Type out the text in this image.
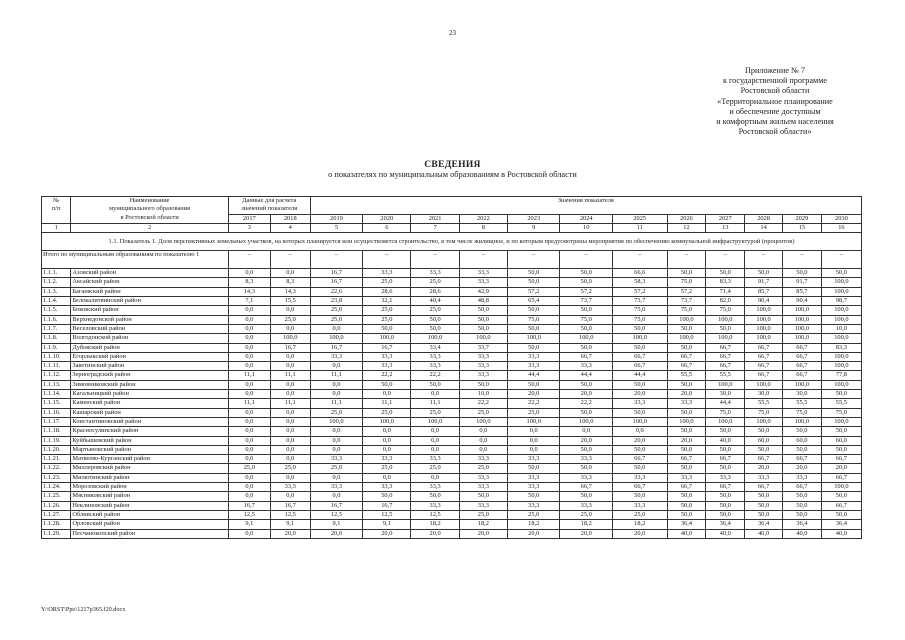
23
Приложение № 7
к государственной программе
Ростовской области
«Территориальное планирование
и обеспечение доступным
и комфортным жильем населения
Ростовской области»
СВЕДЕНИЯ
о показателях по муниципальным образованиям в Ростовской области
№
п/п	Наименование
муниципального образования
в Ростовской области	Данные для расчета
значений показателя		Значения показателя											
		2017	2018	2019	2020	2021	2022	2023	2024	2025	2026	2027	2028	2029	2030
1	2	3	4	5	6	7	8	9	10	11	12	13	14	15	16
1.1. Показатель 1. Доля перспективных земельных участков, на которых планируется или осуществляется строительство, в том числе жилищное, и по которым предусмотрены мероприятия по обеспечению коммунальной инфраструктурой (процентов)															
Итого по муниципальным образованиям по показателю 1		–	–	–	–	–	–	–	–	–	–	–	–	–	–
1.1.1.	Азовский район	0,0	0,0	16,7	33,3	33,3	33,3	50,0	50,0	66,6	50,0	50,0	50,0	50,0	50,0
1.1.2.	Аксайский район	8,3	8,3	16,7	25,0	25,0	33,3	50,0	50,0	58,3	75,0	83,3	91,7	91,7	100,0
1.1.3.	Багаевский район	14,3	14,3	22,6	28,6	28,6	42,9	57,2	57,2	57,2	57,2	71,4	85,7	85,7	100,0
1.1.4.	Белокалитвинский район	7,1	15,5	23,8	32,1	40,4	48,8	65,4	73,7	73,7	73,7	82,0	90,4	90,4	98,7
1.1.5.	Боковский район	0,0	0,0	25,0	25,0	25,0	50,0	50,0	50,0	75,0	75,0	75,0	100,0	100,0	100,0
1.1.6.	Верхнедонской район	0,0	25,0	25,0	25,0	50,0	50,0	75,0	75,0	75,0	100,0	100,0	100,0	100,0	100,0
1.1.7.	Веселовский район	0,0	0,0	0,0	50,0	50,0	50,0	50,0	50,0	50,0	50,0	50,0	100,0	100,0	10,0
1.1.8.	Волгодонской район	0,0	100,0	100,0	100,0	100,0	100,0	100,0	100,0	100,0	100,0	100,0	100,0	100,0	100,0
1.1.9.	Дубовский район	0,0	16,7	16,7	16,7	33,4	33,7	50,0	50,0	50,0	50,0	66,7	66,7	66,7	83,3
1.1.10.	Егорлыкский район	0,0	0,0	33,3	33,3	33,3	33,3	33,3	66,7	66,7	66,7	66,7	66,7	66,7	100,0
1.1.11.	Заветинский район	0,0	0,0	0,0	33,3	33,3	33,3	33,3	33,3	66,7	66,7	66,7	66,7	66,7	100,0
1.1.12.	Зерноградский район	11,1	11,1	11,1	22,2	22,2	33,3	44,4	44,4	44,4	55,5	55,5	66,7	66,7	77,8
1.1.13.	Зимовниковский район	0,0	0,0	0,0	50,0	50,0	50,0	50,0	50,0	50,0	50,0	100,0	100,0	100,0	100,0
1.1.14.	Кагальницкий район	0,0	0,0	0,0	0,0	0,0	10,0	20,0	20,0	20,0	20,0	30,0	30,0	30,0	50,0
1.1.15.	Каменский район	11,1	11,1	11,1	11,1	11,1	22,2	22,2	22,2	33,3	33,3	44,4	55,5	55,5	55,5
1.1.16.	Кашарский район	0,0	0,0	25,0	25,0	25,0	25,0	25,0	50,0	50,0	50,0	75,0	75,0	75,0	75,0
1.1.17.	Константиновский район	0,0	0,0	100,0	100,0	100,0	100,0	100,0	100,0	100,0	100,0	100,0	100,0	100,0	100,0
1.1.18.	Красносулинский район	0,0	0,0	0,0	0,0	0,0	0,0	0,0	0,0	0,0	50,0	50,0	50,0	50,0	50,0
1.1.19.	Куйбышевский район	0,0	0,0	0,0	0,0	0,0	0,0	0,0	20,0	20,0	20,0	40,0	60,0	60,0	60,0
1.1.20.	Мартыновский район	0,0	0,0	0,0	0,0	0,0	0,0	0,0	50,0	50,0	50,0	50,0	50,0	50,0	50,0
1.1.21.	Матвеево-Курганский район	0,0	0,0	33,3	33,3	33,3	33,3	33,3	33,3	66,7	66,7	66,7	66,7	66,7	66,7
1.1.22.	Миллеровский район	25,0	25,0	25,0	25,0	25,0	25,0	50,0	50,0	50,0	50,0	50,0	20,0	20,0	20,0
1.1.23.	Милютинский район	0,0	0,0	0,0	0,0	0,0	33,3	33,3	33,3	33,3	33,3	33,3	33,3	33,3	66,7
1.1.24.	Морозовский район	0,0	33,3	33,3	33,3	33,3	33,3	33,3	66,7	66,7	66,7	66,7	66,7	66,7	100,0
1.1.25.	Мясниковский район	0,0	0,0	0,0	50,0	50,0	50,0	50,0	50,0	50,0	50,0	50,0	50,0	50,0	50,0
1.1.26.	Неклиновский район	16,7	16,7	16,7	16,7	33,3	33,3	33,3	33,3	33,3	50,0	50,0	50,0	50,0	66,7
1.1.27.	Обливский район	12,5	12,5	12,5	12,5	12,5	25,0	25,0	25,0	25,0	50,0	50,0	50,0	50,0	50,0
1.1.28.	Орловский район	9,1	9,1	9,1	9,1	18,2	18,2	18,2	18,2	18,2	36,4	36,4	36,4	36,4	36,4
1.1.29.	Песчанокопский район	0,0	20,0	20,0	20,0	20,0	20,0	20,0	20,0	20,0	40,0	40,0	40,0	40,0	40,0
Y:\ORST\Ppo\1217p365.f20.docx
